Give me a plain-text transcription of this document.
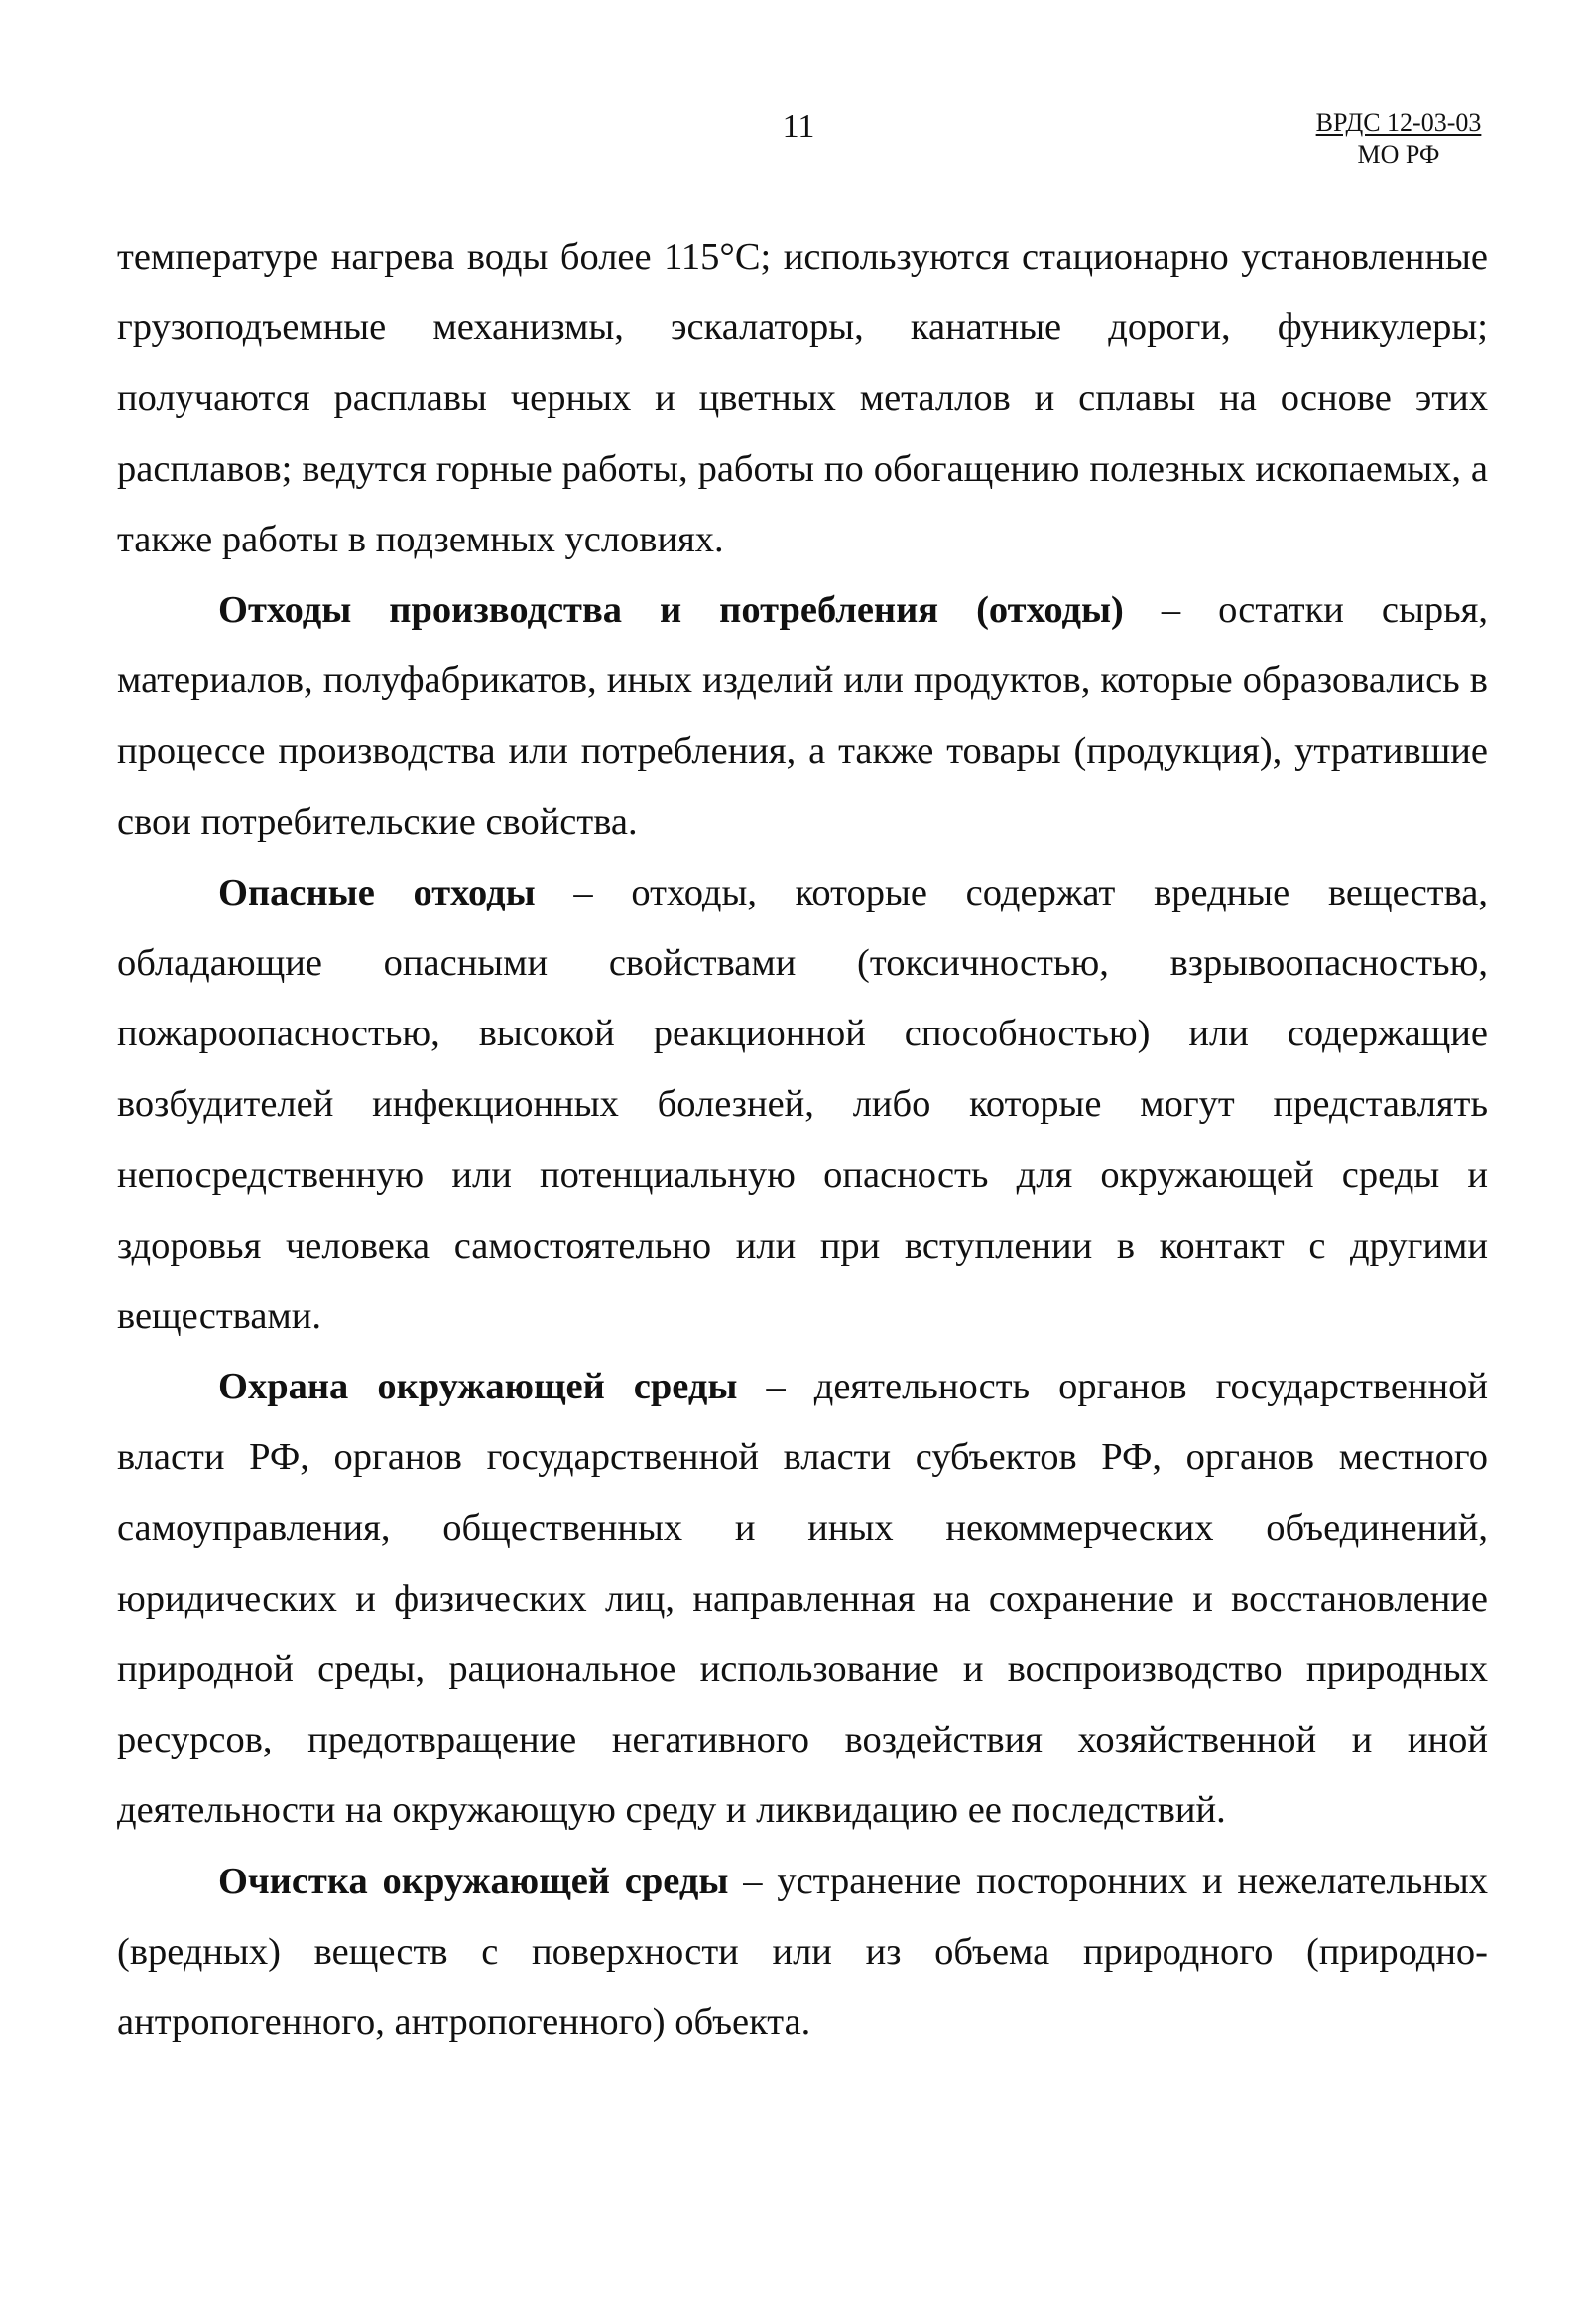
11	ВРДС 12-03-03
МО РФ

температуре нагрева воды более 115°С; используются стационарно установленные грузоподъемные механизмы, эскалаторы, канатные дороги, фуникулеры; получаются расплавы черных и цветных металлов и сплавы на основе этих расплавов; ведутся горные работы, работы по обогащению полезных ископаемых, а также работы в подземных условиях.

Отходы производства и потребления (отходы) – остатки сырья, материалов, полуфабрикатов, иных изделий или продуктов, которые образовались в процессе производства или потребления, а также товары (продукция), утратившие свои потребительские свойства.

Опасные отходы – отходы, которые содержат вредные вещества, обладающие опасными свойствами (токсичностью, взрывоопасностью, пожароопасностью, высокой реакционной способностью) или содержащие возбудителей инфекционных болезней, либо которые могут представлять непосредственную или потенциальную опасность для окружающей среды и здоровья человека самостоятельно или при вступлении в контакт с другими веществами.

Охрана окружающей среды – деятельность органов государственной власти РФ, органов государственной власти субъектов РФ, органов местного самоуправления, общественных и иных некоммерческих объединений, юридических и физических лиц, направленная на сохранение и восстановление природной среды, рациональное использование и воспроизводство природных ресурсов, предотвращение негативного воздействия хозяйственной и иной деятельности на окружающую среду и ликвидацию ее последствий.

Очистка окружающей среды – устранение посторонних и нежелательных (вредных) веществ с поверхности или из объема природного (природно-антропогенного, антропогенного) объекта.
